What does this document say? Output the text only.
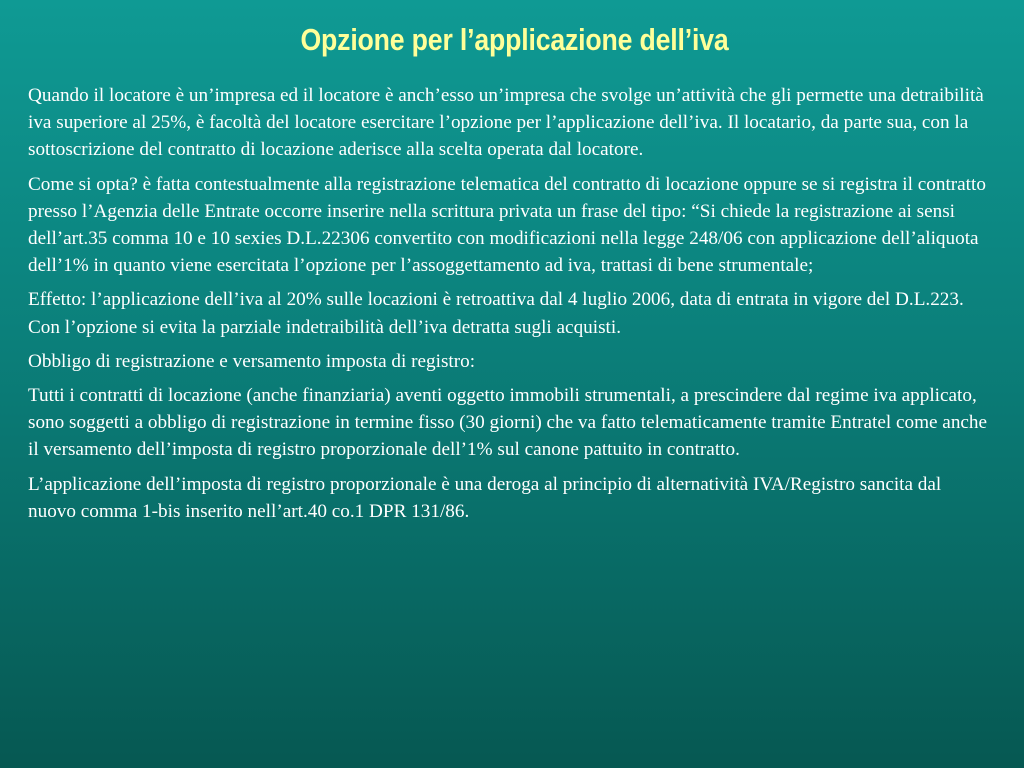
Opzione per l’applicazione dell’iva

Quando il locatore è un’impresa ed il locatore è anch’esso un’impresa che svolge un’attività che gli permette una detraibilità iva superiore al 25%, è facoltà del locatore esercitare l’opzione per l’applicazione dell’iva. Il locatario, da parte sua, con la sottoscrizione del contratto di locazione aderisce alla scelta operata dal locatore.

Come si opta? è fatta contestualmente alla registrazione telematica del contratto di locazione oppure se si registra il contratto presso l’Agenzia delle Entrate occorre inserire nella scrittura privata un frase del tipo: “Si chiede la registrazione ai sensi dell’art.35 comma 10 e 10 sexies D.L.22306 convertito con modificazioni nella legge 248/06 con applicazione dell’aliquota dell’1% in quanto viene esercitata l’opzione per l’assoggettamento ad iva, trattasi di bene strumentale;

Effetto: l’applicazione dell’iva al 20% sulle locazioni è retroattiva dal 4 luglio 2006, data di entrata in vigore del D.L.223. Con l’opzione si evita la parziale indetraibilità dell’iva detratta sugli acquisti.

Obbligo di registrazione e versamento imposta di registro:

Tutti i contratti di locazione (anche finanziaria) aventi oggetto immobili strumentali, a prescindere dal regime iva applicato, sono soggetti a obbligo di registrazione in termine fisso (30 giorni) che va fatto telematicamente tramite Entratel come anche il versamento dell’imposta di registro proporzionale dell’1% sul canone pattuito in contratto.

L’applicazione dell’imposta di registro proporzionale è una deroga al principio di alternatività IVA/Registro sancita dal nuovo comma 1-bis inserito nell’art.40 co.1 DPR 131/86.
